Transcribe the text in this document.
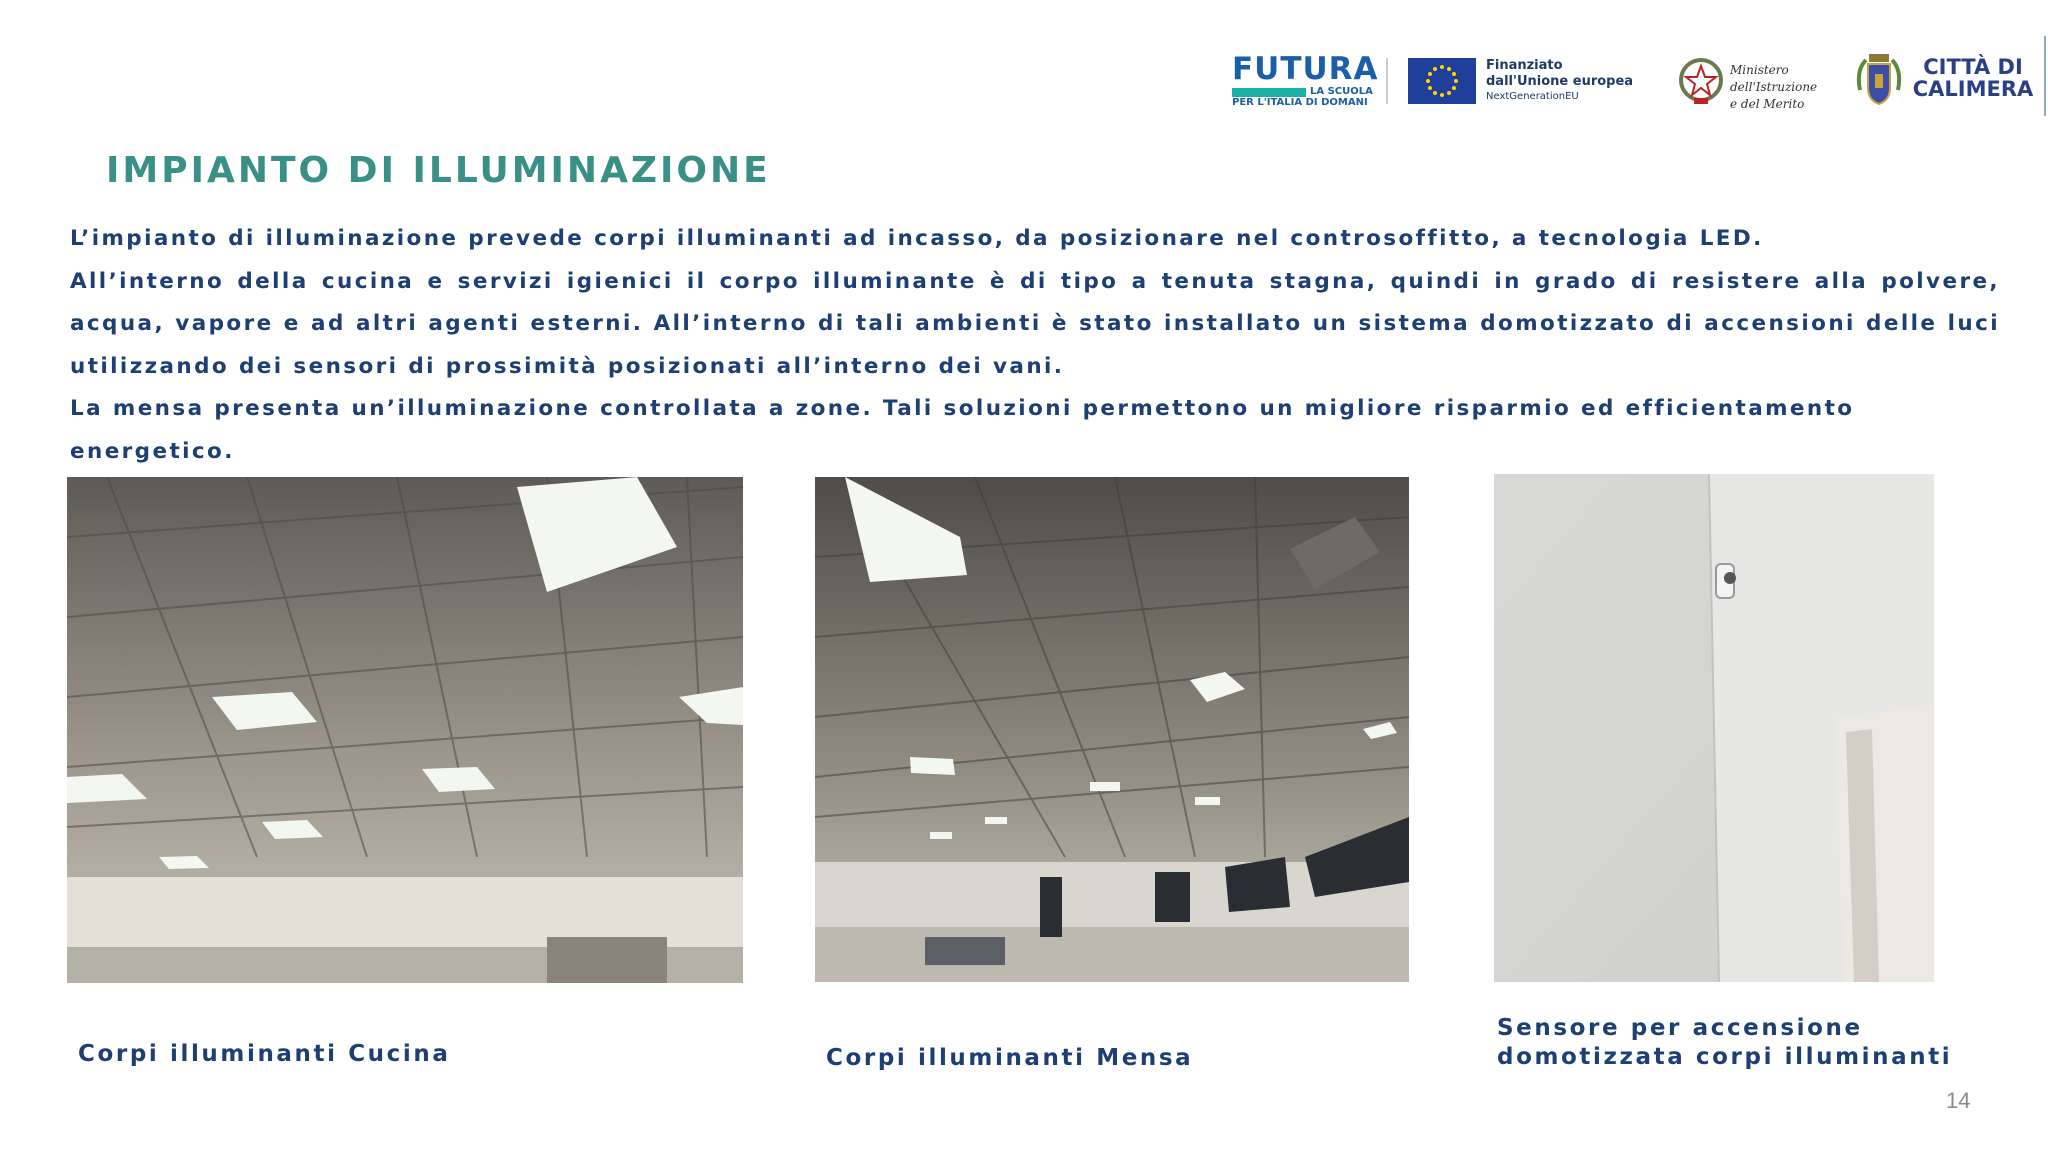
FUTURA
LA SCUOLA
PER L'ITALIA DI DOMANI
Finanziato
dall'Unione europea
NextGenerationEU
Ministero dell'Istruzione
e del Merito
CITTÀ DI
CALIMERA
IMPIANTO DI ILLUMINAZIONE

L’impianto di illuminazione prevede corpi illuminanti ad incasso, da posizionare nel controsoffitto, a tecnologia LED.

All’interno della cucina e servizi igienici il corpo illuminante è di tipo a tenuta stagna, quindi in grado di resistere alla polvere, acqua, vapore e ad altri agenti esterni. All’interno di tali ambienti è stato installato un sistema domotizzato di accensioni delle luci utilizzando dei sensori di prossimità posizionati all’interno dei vani.

La mensa presenta un’illuminazione controllata a zone. Tali soluzioni permettono un migliore risparmio ed efficientamento energetico.

Corpi illuminanti Cucina	Corpi illuminanti Mensa
Sensore per accensione
domotizzata corpi illuminanti
14
